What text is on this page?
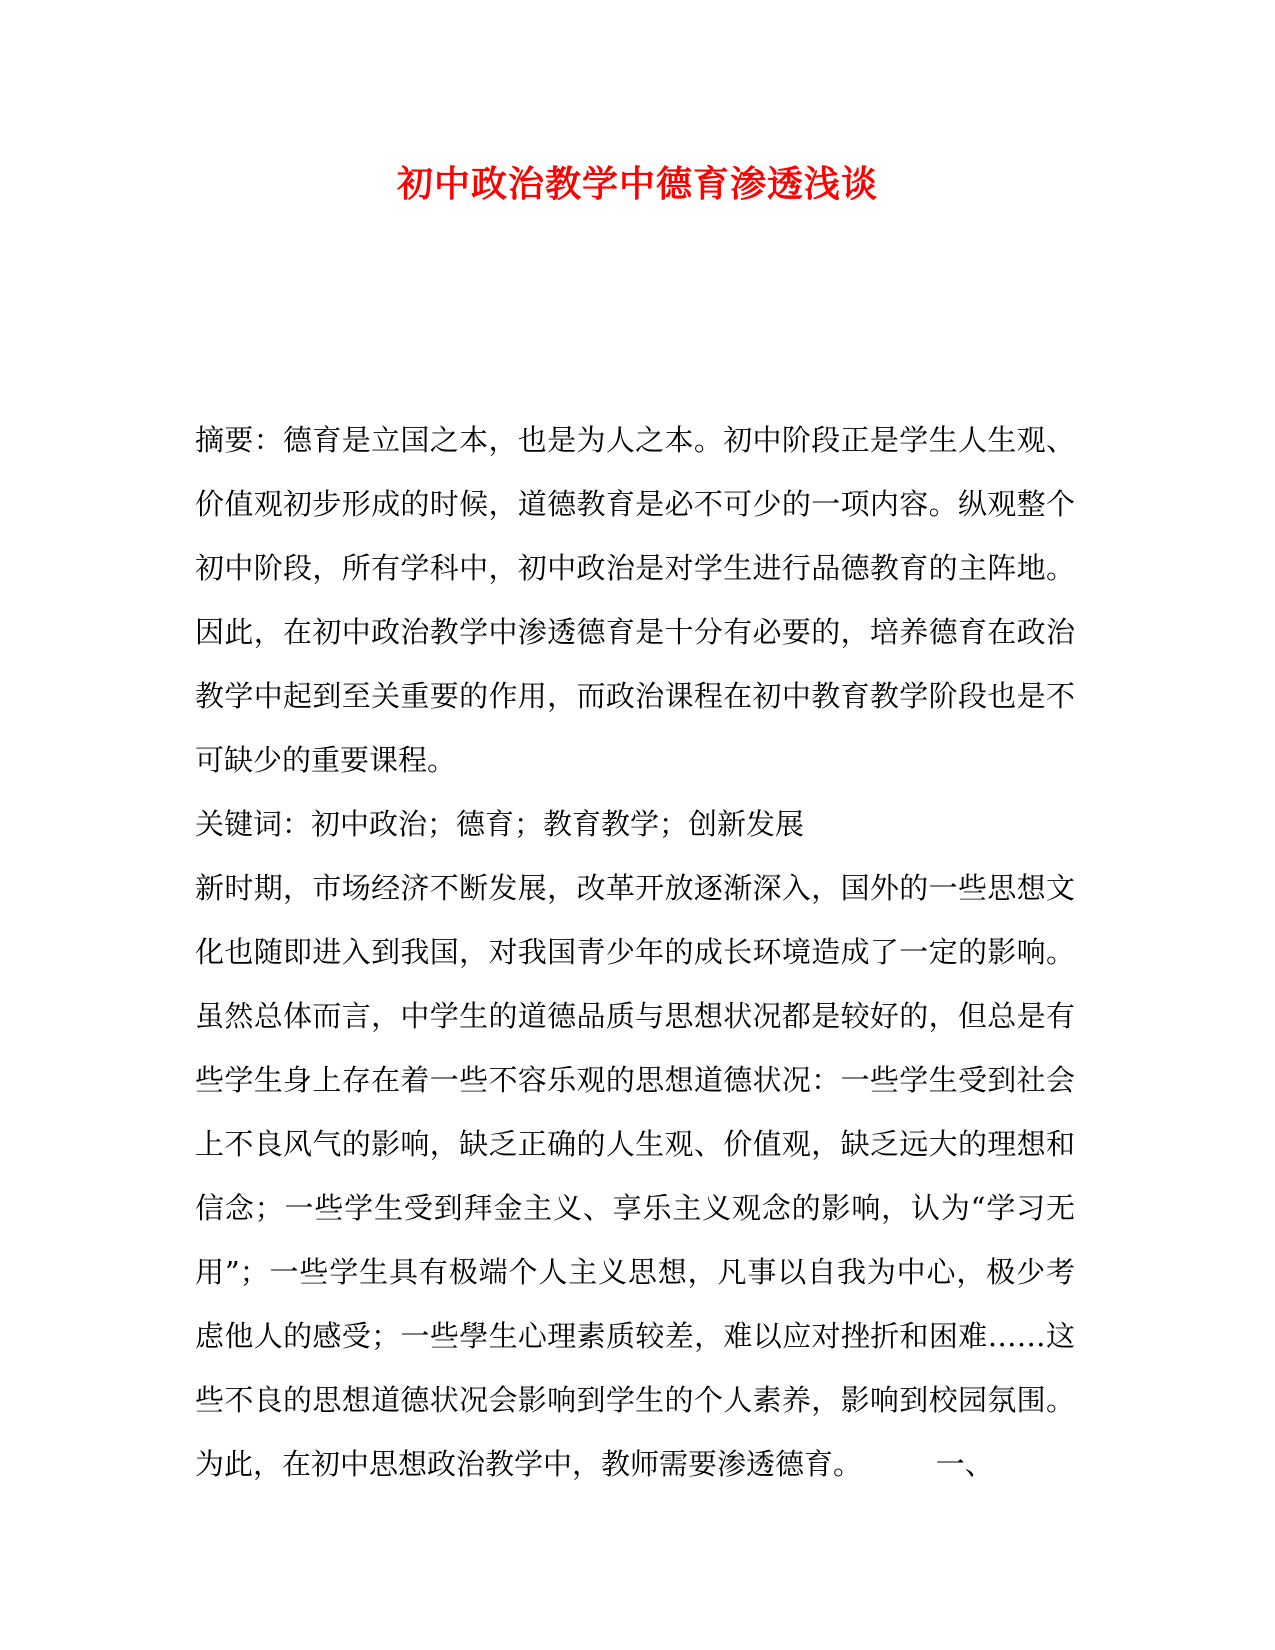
初中政治教学中德育渗透浅谈
摘要：德育是立国之本，也是为人之本。初中阶段正是学生人生观、
价值观初步形成的时候，道德教育是必不可少的一项内容。纵观整个
初中阶段，所有学科中，初中政治是对学生进行品德教育的主阵地。
因此，在初中政治教学中渗透德育是十分有必要的，培养德育在政治
教学中起到至关重要的作用，而政治课程在初中教育教学阶段也是不
可缺少的重要课程。
关键词：初中政治；德育；教育教学；创新发展
新时期，市场经济不断发展，改革开放逐渐深入，国外的一些思想文
化也随即进入到我国，对我国青少年的成长环境造成了一定的影响。
虽然总体而言，中学生的道德品质与思想状况都是较好的，但总是有
些学生身上存在着一些不容乐观的思想道德状况：一些学生受到社会
上不良风气的影响，缺乏正确的人生观、价值观，缺乏远大的理想和
信念；一些学生受到拜金主义、享乐主义观念的影响，认为“学习无
用”；一些学生具有极端个人主义思想，凡事以自我为中心，极少考
虑他人的感受；一些學生心理素质较差，难以应对挫折和困难……这
些不良的思想道德状况会影响到学生的个人素养，影响到校园氛围。
为此，在初中思想政治教学中，教师需要渗透德育。        一、
